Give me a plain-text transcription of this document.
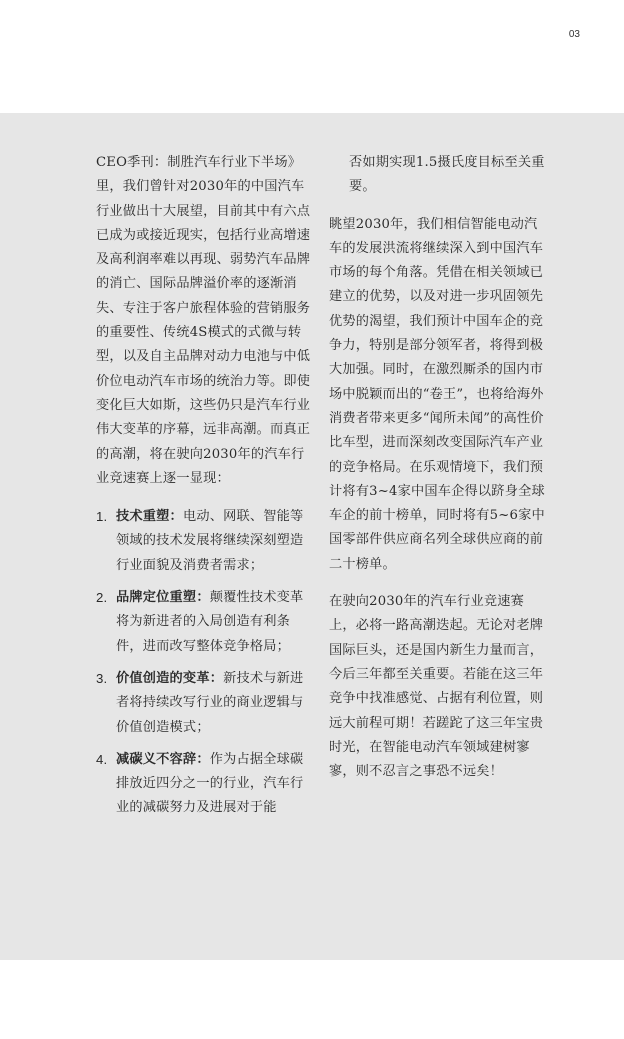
03

CEO季刊：制胜汽车行业下半场》里，我们曾针对2030年的中国汽车行业做出十大展望，目前其中有六点已成为或接近现实，包括行业高增速及高利润率难以再现、弱势汽车品牌的消亡、国际品牌溢价率的逐渐消失、专注于客户旅程体验的营销服务的重要性、传统4S模式的式微与转型，以及自主品牌对动力电池与中低价位电动汽车市场的统治力等。即使变化巨大如斯，这些仍只是汽车行业伟大变革的序幕，远非高潮。而真正的高潮，将在驶向2030年的汽车行业竞速赛上逐一显现：

1. 技术重塑：电动、网联、智能等领域的技术发展将继续深刻塑造行业面貌及消费者需求；
2. 品牌定位重塑：颠覆性技术变革将为新进者的入局创造有利条件，进而改写整体竞争格局；
3. 价值创造的变革：新技术与新进者将持续改写行业的商业逻辑与价值创造模式；
4. 减碳义不容辞：作为占据全球碳排放近四分之一的行业，汽车行业的减碳努力及进展对于能

否如期实现1.5摄氏度目标至关重要。

眺望2030年，我们相信智能电动汽车的发展洪流将继续深入到中国汽车市场的每个角落。凭借在相关领域已建立的优势，以及对进一步巩固领先优势的渴望，我们预计中国车企的竞争力，特别是部分领军者，将得到极大加强。同时，在激烈厮杀的国内市场中脱颖而出的“卷王”，也将给海外消费者带来更多“闻所未闻”的高性价比车型，进而深刻改变国际汽车产业的竞争格局。在乐观情境下，我们预计将有3~4家中国车企得以跻身全球车企的前十榜单，同时将有5~6家中国零部件供应商名列全球供应商的前二十榜单。

在驶向2030年的汽车行业竞速赛上，必将一路高潮迭起。无论对老牌国际巨头，还是国内新生力量而言，今后三年都至关重要。若能在这三年竞争中找准感觉、占据有利位置，则远大前程可期！若蹉跎了这三年宝贵时光，在智能电动汽车领域建树寥寥，则不忍言之事恐不远矣！
